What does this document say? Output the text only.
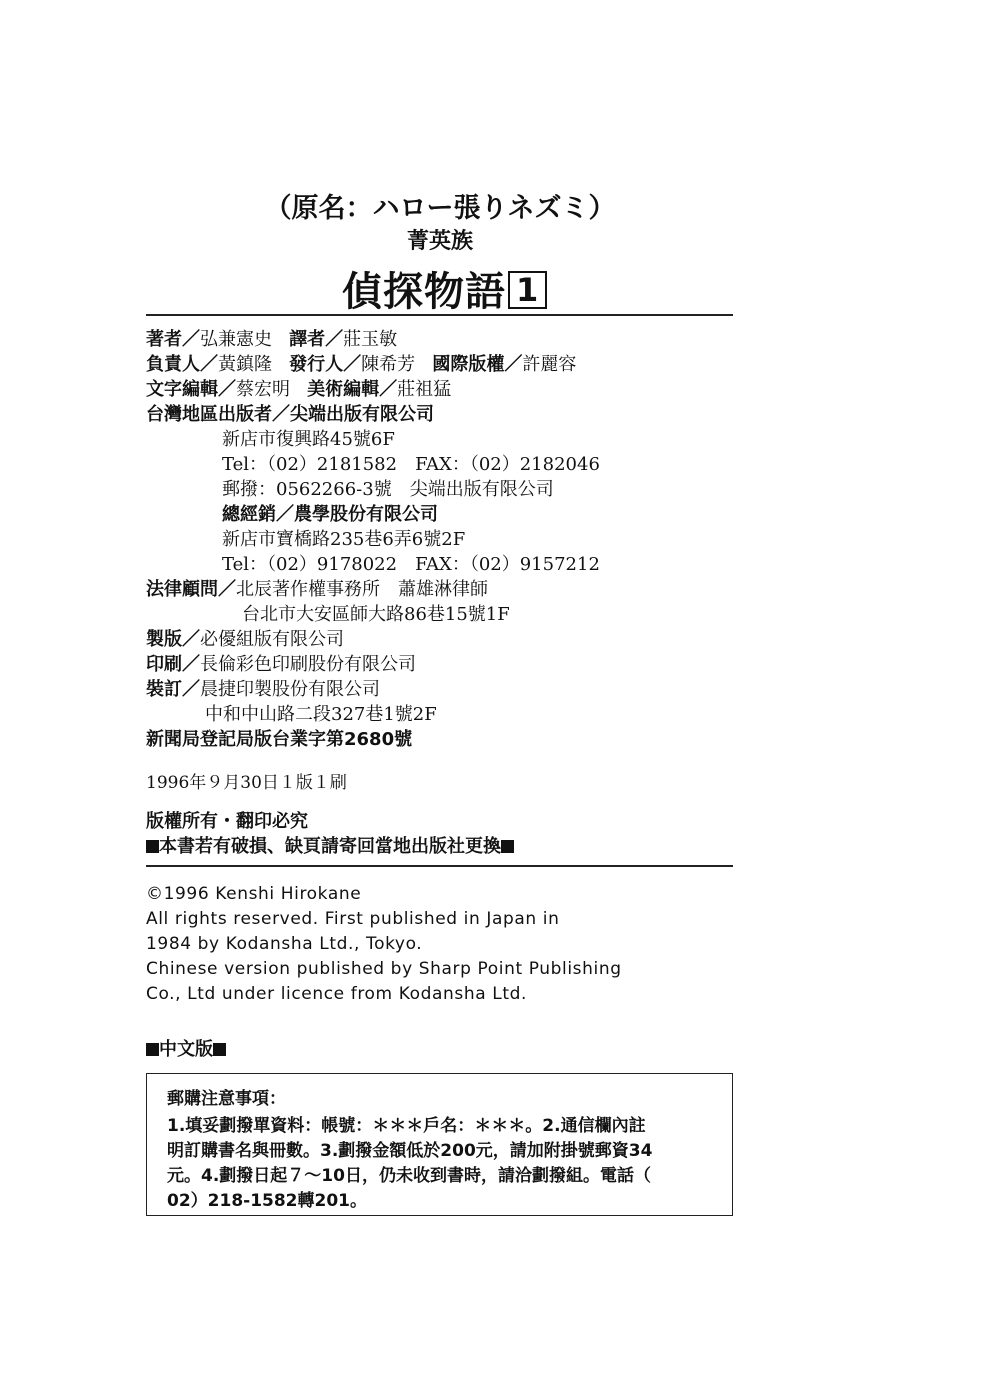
（原名：ハロー張りネズミ）
菁英族
偵探物語 1
著者／弘兼憲史 譯者／莊玉敏
負責人／黃鎮隆 發行人／陳希芳 國際版權／許麗容
文字編輯／蔡宏明 美術編輯／莊祖猛
台灣地區出版者／尖端出版有限公司
新店市復興路45號6F
Tel：（02）2181582　FAX：（02）2182046
郵撥：0562266-3號　尖端出版有限公司
總經銷／農學股份有限公司
新店市寶橋路235巷6弄6號2F
Tel：（02）9178022　FAX：（02）9157212
法律顧問／北辰著作權事務所　蕭雄淋律師
台北市大安區師大路86巷15號1F
製版／必優組版有限公司
印刷／長倫彩色印刷股份有限公司
裝訂／晨捷印製股份有限公司
中和中山路二段327巷1號2F
新聞局登記局版台業字第2680號
1996年９月30日１版１刷
版權所有・翻印必究
本書若有破損、缺頁請寄回當地出版社更換
©1996 Kenshi Hirokane
All rights reserved. First published in Japan in
1984 by Kodansha Ltd., Tokyo.
Chinese version published by Sharp Point Publishing
Co., Ltd under licence from Kodansha Ltd.
中文版
郵購注意事項：
1.填妥劃撥單資料：帳號：＊＊＊戶名：＊＊＊。2.通信欄內註
明訂購書名與冊數。3.劃撥金額低於200元，請加附掛號郵資34
元。4.劃撥日起７～10日，仍未收到書時，請洽劃撥組。電話（
02）218-1582轉201。
